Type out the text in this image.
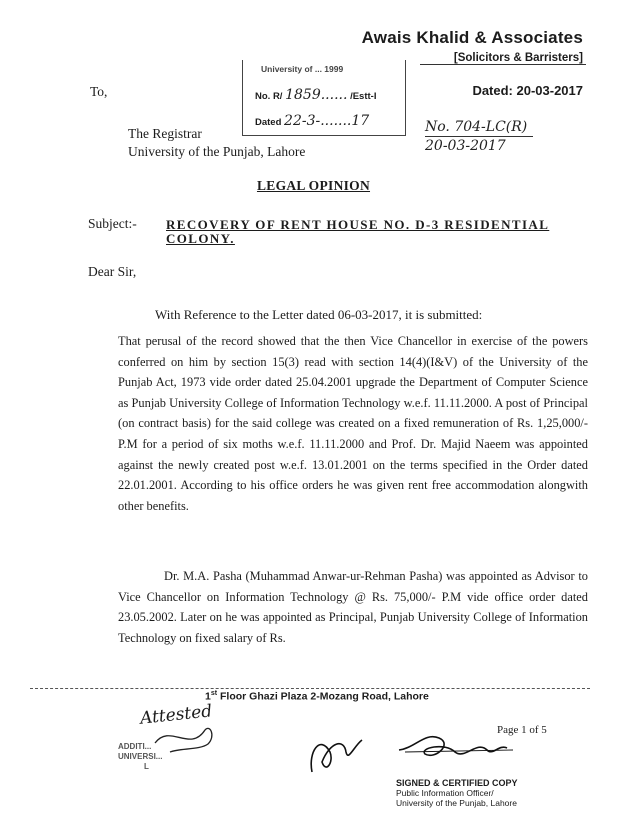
Awais Khalid & Associates
[Solicitors & Barristers]
University of ... 1999
No. R/ 1859...... /Estt-I
Dated 22-3-.......17
To,	Dated: 20-03-2017
No. 704-LC(R)
20-03-2017
The Registrar
University of the Punjab, Lahore
LEGAL OPINION
Subject:- RECOVERY OF RENT HOUSE NO. D-3 RESIDENTIAL COLONY.
Dear Sir,
With Reference to the Letter dated 06-03-2017, it is submitted:
That perusal of the record showed that the then Vice Chancellor in exercise of the powers conferred on him by section 15(3) read with section 14(4)(I&V) of the University of the Punjab Act, 1973 vide order dated 25.04.2001 upgrade the Department of Computer Science as Punjab University College of Information Technology w.e.f. 11.11.2000. A post of Principal (on contract basis) for the said college was created on a fixed remuneration of Rs. 1,25,000/- P.M for a period of six moths w.e.f. 11.11.2000 and Prof. Dr. Majid Naeem was appointed against the newly created post w.e.f. 13.01.2001 on the terms specified in the Order dated 22.01.2001. According to his office orders he was given rent free accommodation alongwith other benefits.
Dr. M.A. Pasha (Muhammad Anwar-ur-Rehman Pasha) was appointed as Advisor to Vice Chancellor on Information Technology @ Rs. 75,000/- P.M vide office order dated 23.05.2002. Later on he was appointed as Principal, Punjab University College of Information Technology on fixed salary of Rs.
1st Floor Ghazi Plaza 2-Mozang Road, Lahore
Attested
ADDITI...
UNIVERSI...
L
Page 1 of 5
SIGNED & CERTIFIED COPY
Public Information Officer/
University of the Punjab, Lahore
